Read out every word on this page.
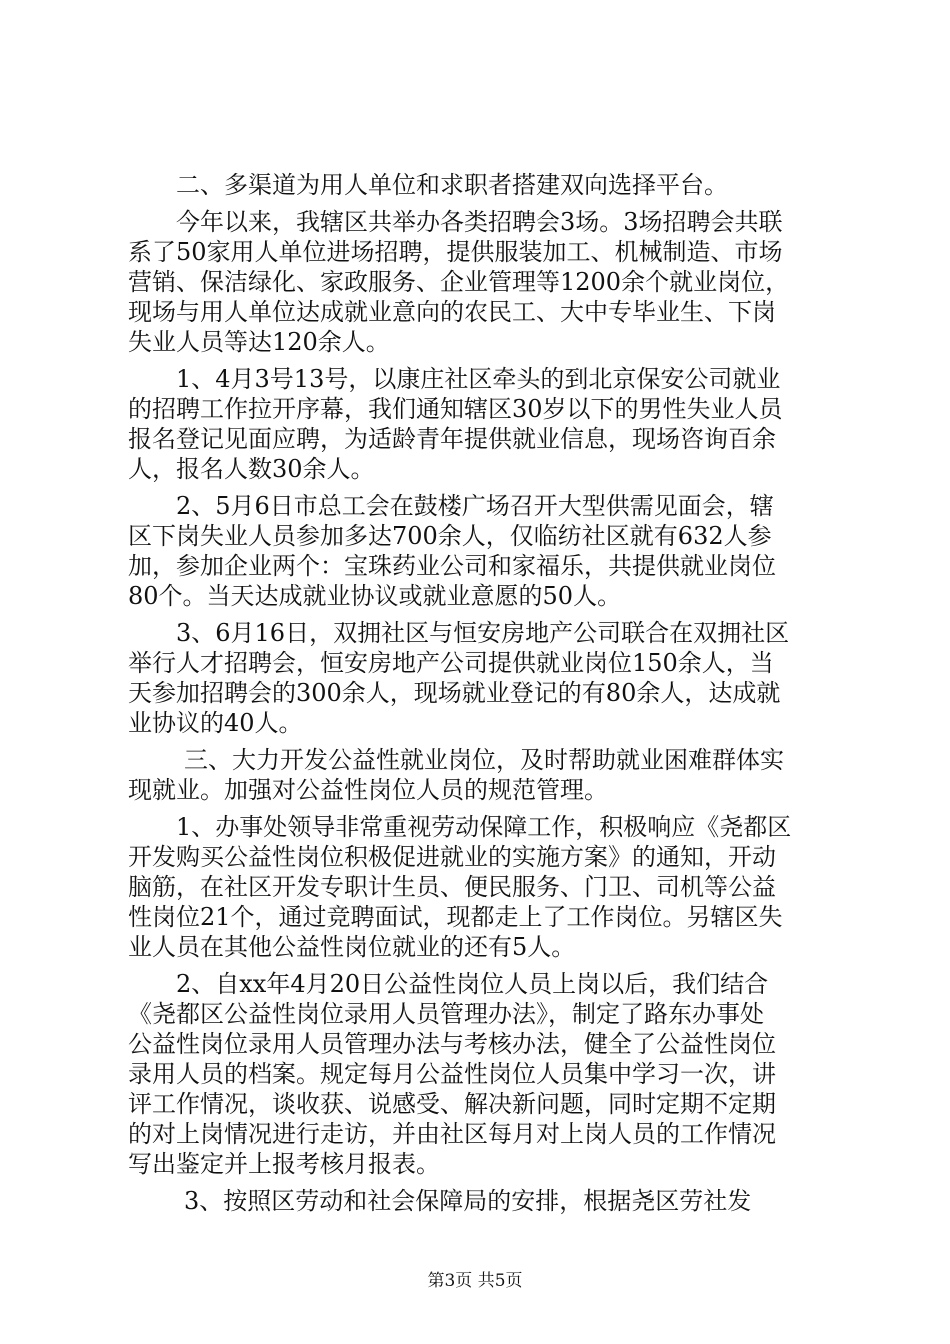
二、多渠道为用人单位和求职者搭建双向选择平台。
今年以来，我辖区共举办各类招聘会3场。3场招聘会共联
系了50家用人单位进场招聘，提供服装加工、机械制造、市场
营销、保洁绿化、家政服务、企业管理等1200余个就业岗位，
现场与用人单位达成就业意向的农民工、大中专毕业生、下岗
失业人员等达120余人。
1、4月3号13号，以康庄社区牵头的到北京保安公司就业
的招聘工作拉开序幕，我们通知辖区30岁以下的男性失业人员
报名登记见面应聘，为适龄青年提供就业信息，现场咨询百余
人，报名人数30余人。
2、5月6日市总工会在鼓楼广场召开大型供需见面会，辖
区下岗失业人员参加多达700余人，仅临纺社区就有632人参
加，参加企业两个：宝珠药业公司和家福乐，共提供就业岗位
80个。当天达成就业协议或就业意愿的50人。
3、6月16日，双拥社区与恒安房地产公司联合在双拥社区
举行人才招聘会，恒安房地产公司提供就业岗位150余人，当
天参加招聘会的300余人，现场就业登记的有80余人，达成就
业协议的40人。
三、大力开发公益性就业岗位，及时帮助就业困难群体实
现就业。加强对公益性岗位人员的规范管理。
1、办事处领导非常重视劳动保障工作，积极响应《尧都区
开发购买公益性岗位积极促进就业的实施方案》的通知，开动
脑筋，在社区开发专职计生员、便民服务、门卫、司机等公益
性岗位21个，通过竞聘面试，现都走上了工作岗位。另辖区失
业人员在其他公益性岗位就业的还有5人。
2、自xx年4月20日公益性岗位人员上岗以后，我们结合
《尧都区公益性岗位录用人员管理办法》，制定了路东办事处
公益性岗位录用人员管理办法与考核办法，健全了公益性岗位
录用人员的档案。规定每月公益性岗位人员集中学习一次，讲
评工作情况，谈收获、说感受、解决新问题，同时定期不定期
的对上岗情况进行走访，并由社区每月对上岗人员的工作情况
写出鉴定并上报考核月报表。
3、按照区劳动和社会保障局的安排，根据尧区劳社发
第3页 共5页
